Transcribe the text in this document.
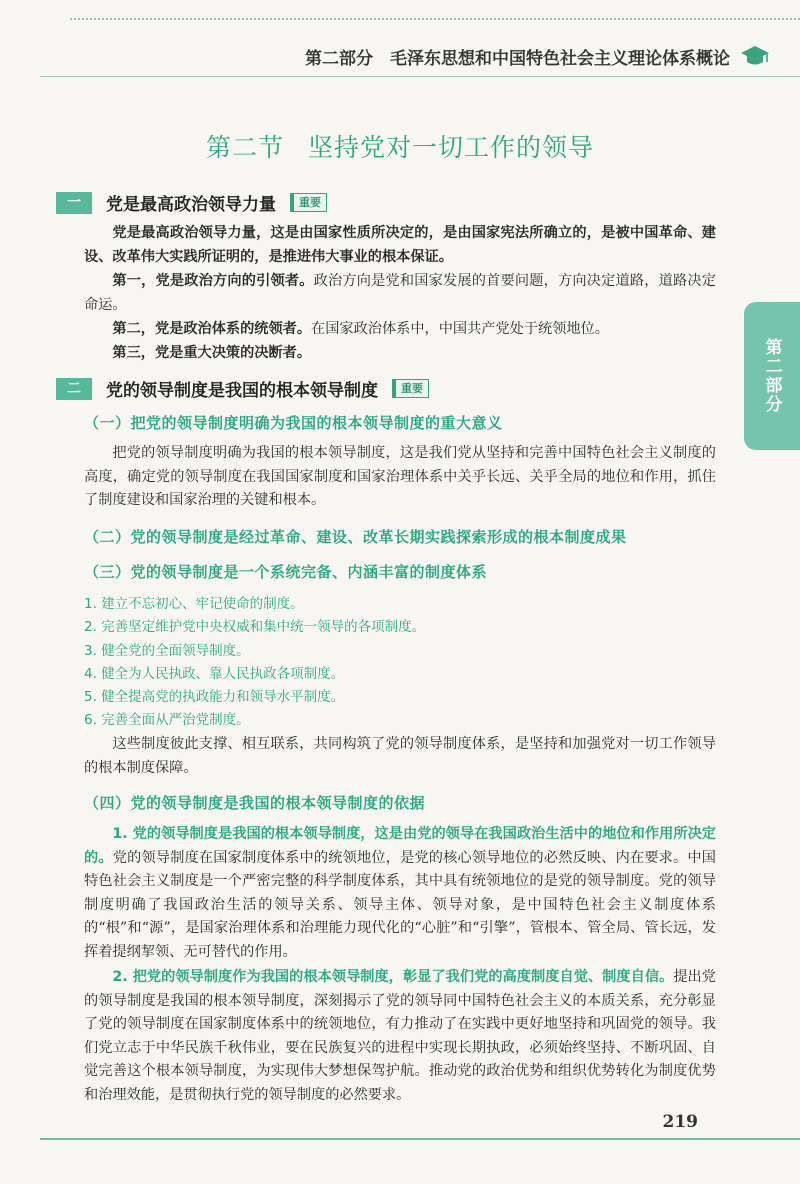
第二部分　毛泽东思想和中国特色社会主义理论体系概论
第二节 坚持党对一切工作的领导
第二部分
一	党是最高政治领导力量	重要

党是最高政治领导力量，这是由国家性质所决定的，是由国家宪法所确立的，是被中国革命、建设、改革伟大实践所证明的，是推进伟大事业的根本保证。

第一，党是政治方向的引领者。政治方向是党和国家发展的首要问题，方向决定道路，道路决定命运。

第二，党是政治体系的统领者。在国家政治体系中，中国共产党处于统领地位。

第三，党是重大决策的决断者。

二	党的领导制度是我国的根本领导制度	重要
（一）把党的领导制度明确为我国的根本领导制度的重大意义

把党的领导制度明确为我国的根本领导制度，这是我们党从坚持和完善中国特色社会主义制度的高度，确定党的领导制度在我国国家制度和国家治理体系中关乎长远、关乎全局的地位和作用，抓住了制度建设和国家治理的关键和根本。

（二）党的领导制度是经过革命、建设、改革长期实践探索形成的根本制度成果
（三）党的领导制度是一个系统完备、内涵丰富的制度体系
1. 建立不忘初心、牢记使命的制度。
2. 完善坚定维护党中央权威和集中统一领导的各项制度。
3. 健全党的全面领导制度。
4. 健全为人民执政、靠人民执政各项制度。
5. 健全提高党的执政能力和领导水平制度。
6. 完善全面从严治党制度。

这些制度彼此支撑、相互联系，共同构筑了党的领导制度体系，是坚持和加强党对一切工作领导的根本制度保障。

（四）党的领导制度是我国的根本领导制度的依据

1. 党的领导制度是我国的根本领导制度，这是由党的领导在我国政治生活中的地位和作用所决定的。党的领导制度在国家制度体系中的统领地位，是党的核心领导地位的必然反映、内在要求。中国特色社会主义制度是一个严密完整的科学制度体系，其中具有统领地位的是党的领导制度。党的领导制度明确了我国政治生活的领导关系、领导主体、领导对象，是中国特色社会主义制度体系的“根”和“源”，是国家治理体系和治理能力现代化的“心脏”和“引擎”，管根本、管全局、管长远，发挥着提纲挈领、无可替代的作用。

2. 把党的领导制度作为我国的根本领导制度，彰显了我们党的高度制度自觉、制度自信。提出党的领导制度是我国的根本领导制度，深刻揭示了党的领导同中国特色社会主义的本质关系，充分彰显了党的领导制度在国家制度体系中的统领地位，有力推动了在实践中更好地坚持和巩固党的领导。我们党立志于中华民族千秋伟业，要在民族复兴的进程中实现长期执政，必须始终坚持、不断巩固、自觉完善这个根本领导制度，为实现伟大梦想保驾护航。推动党的政治优势和组织优势转化为制度优势和治理效能，是贯彻执行党的领导制度的必然要求。

219
